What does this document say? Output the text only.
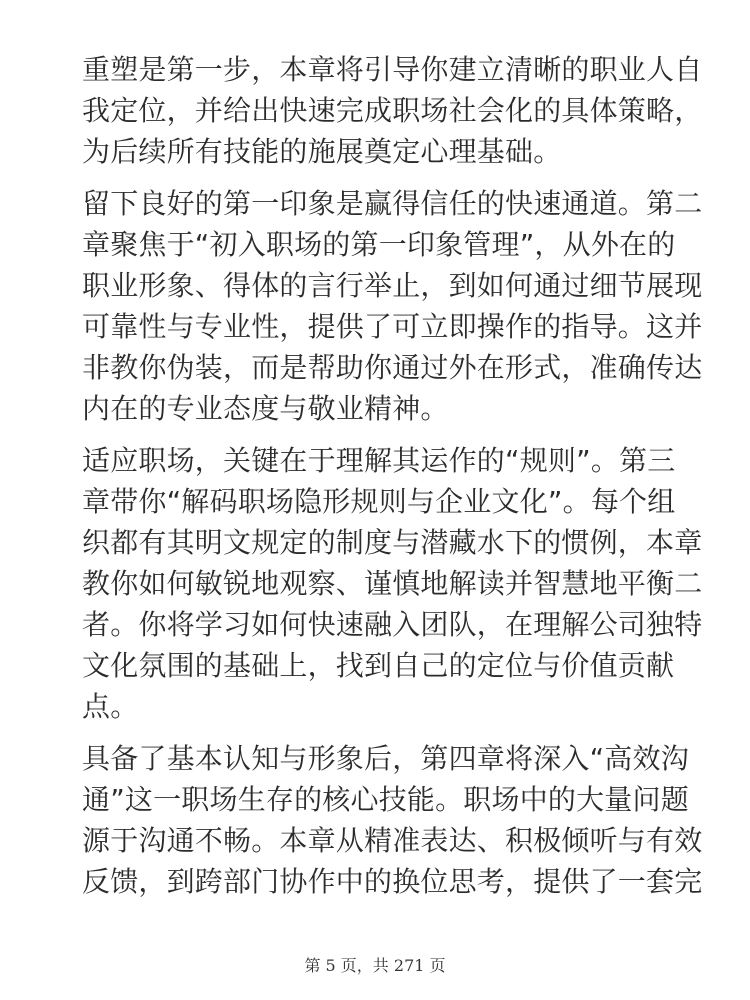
重塑是第一步，本章将引导你建立清晰的职业人自
我定位，并给出快速完成职场社会化的具体策略，
为后续所有技能的施展奠定心理基础。

留下良好的第一印象是赢得信任的快速通道。第二
章聚焦于“初入职场的第一印象管理”，从外在的
职业形象、得体的言行举止，到如何通过细节展现
可靠性与专业性，提供了可立即操作的指导。这并
非教你伪装，而是帮助你通过外在形式，准确传达
内在的专业态度与敬业精神。

适应职场，关键在于理解其运作的“规则”。第三
章带你“解码职场隐形规则与企业文化”。每个组
织都有其明文规定的制度与潜藏水下的惯例，本章
教你如何敏锐地观察、谨慎地解读并智慧地平衡二
者。你将学习如何快速融入团队，在理解公司独特
文化氛围的基础上，找到自己的定位与价值贡献
点。

具备了基本认知与形象后，第四章将深入“高效沟
通”这一职场生存的核心技能。职场中的大量问题
源于沟通不畅。本章从精准表达、积极倾听与有效
反馈，到跨部门协作中的换位思考，提供了一套完

第 5 页，共 271 页
